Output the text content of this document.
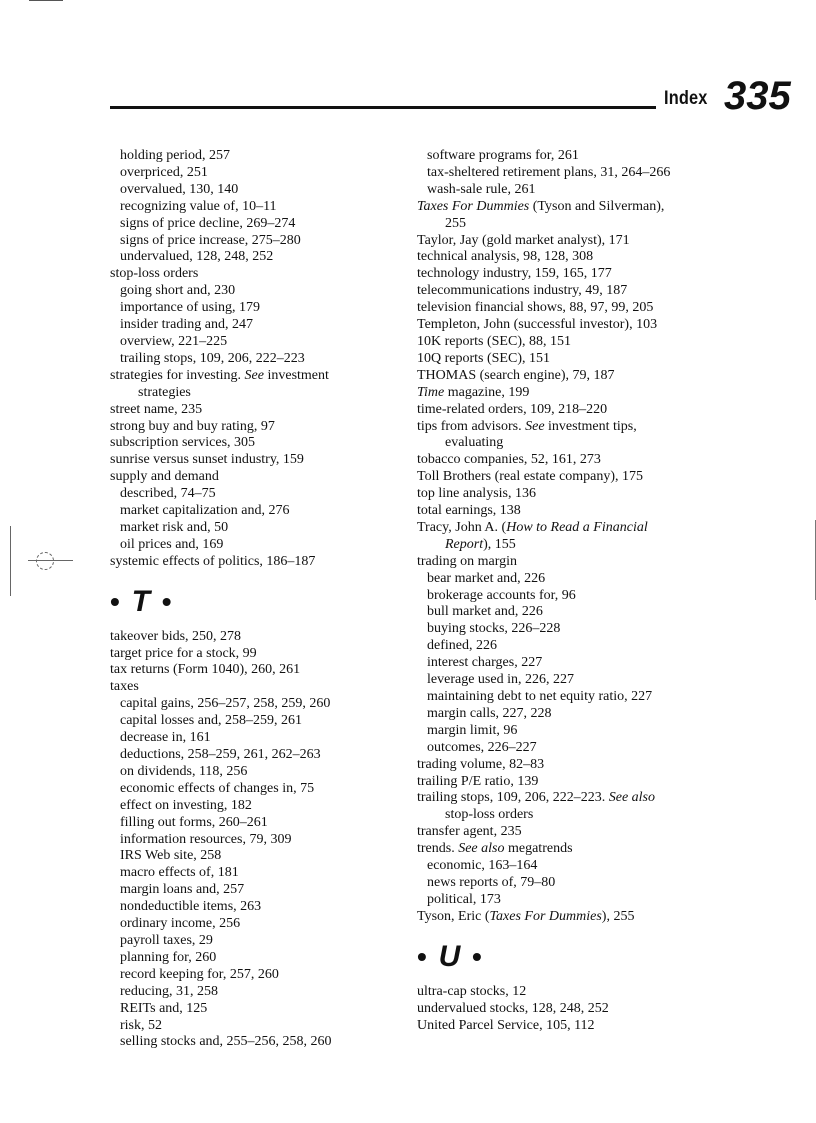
Index 335
holding period, 257
overpriced, 251
overvalued, 130, 140
recognizing value of, 10–11
signs of price decline, 269–274
signs of price increase, 275–280
undervalued, 128, 248, 252
stop-loss orders
going short and, 230
importance of using, 179
insider trading and, 247
overview, 221–225
trailing stops, 109, 206, 222–223
strategies for investing. See investment
strategies
street name, 235
strong buy and buy rating, 97
subscription services, 305
sunrise versus sunset industry, 159
supply and demand
described, 74–75
market capitalization and, 276
market risk and, 50
oil prices and, 169
systemic effects of politics, 186–187
• T •
takeover bids, 250, 278
target price for a stock, 99
tax returns (Form 1040), 260, 261
taxes
capital gains, 256–257, 258, 259, 260
capital losses and, 258–259, 261
decrease in, 161
deductions, 258–259, 261, 262–263
on dividends, 118, 256
economic effects of changes in, 75
effect on investing, 182
filling out forms, 260–261
information resources, 79, 309
IRS Web site, 258
macro effects of, 181
margin loans and, 257
nondeductible items, 263
ordinary income, 256
payroll taxes, 29
planning for, 260
record keeping for, 257, 260
reducing, 31, 258
REITs and, 125
risk, 52
selling stocks and, 255–256, 258, 260
software programs for, 261
tax-sheltered retirement plans, 31, 264–266
wash-sale rule, 261
Taxes For Dummies (Tyson and Silverman),
255
Taylor, Jay (gold market analyst), 171
technical analysis, 98, 128, 308
technology industry, 159, 165, 177
telecommunications industry, 49, 187
television financial shows, 88, 97, 99, 205
Templeton, John (successful investor), 103
10K reports (SEC), 88, 151
10Q reports (SEC), 151
THOMAS (search engine), 79, 187
Time magazine, 199
time-related orders, 109, 218–220
tips from advisors. See investment tips,
evaluating
tobacco companies, 52, 161, 273
Toll Brothers (real estate company), 175
top line analysis, 136
total earnings, 138
Tracy, John A. (How to Read a Financial
Report), 155
trading on margin
bear market and, 226
brokerage accounts for, 96
bull market and, 226
buying stocks, 226–228
defined, 226
interest charges, 227
leverage used in, 226, 227
maintaining debt to net equity ratio, 227
margin calls, 227, 228
margin limit, 96
outcomes, 226–227
trading volume, 82–83
trailing P/E ratio, 139
trailing stops, 109, 206, 222–223. See also
stop-loss orders
transfer agent, 235
trends. See also megatrends
economic, 163–164
news reports of, 79–80
political, 173
Tyson, Eric (Taxes For Dummies), 255
• U •
ultra-cap stocks, 12
undervalued stocks, 128, 248, 252
United Parcel Service, 105, 112
